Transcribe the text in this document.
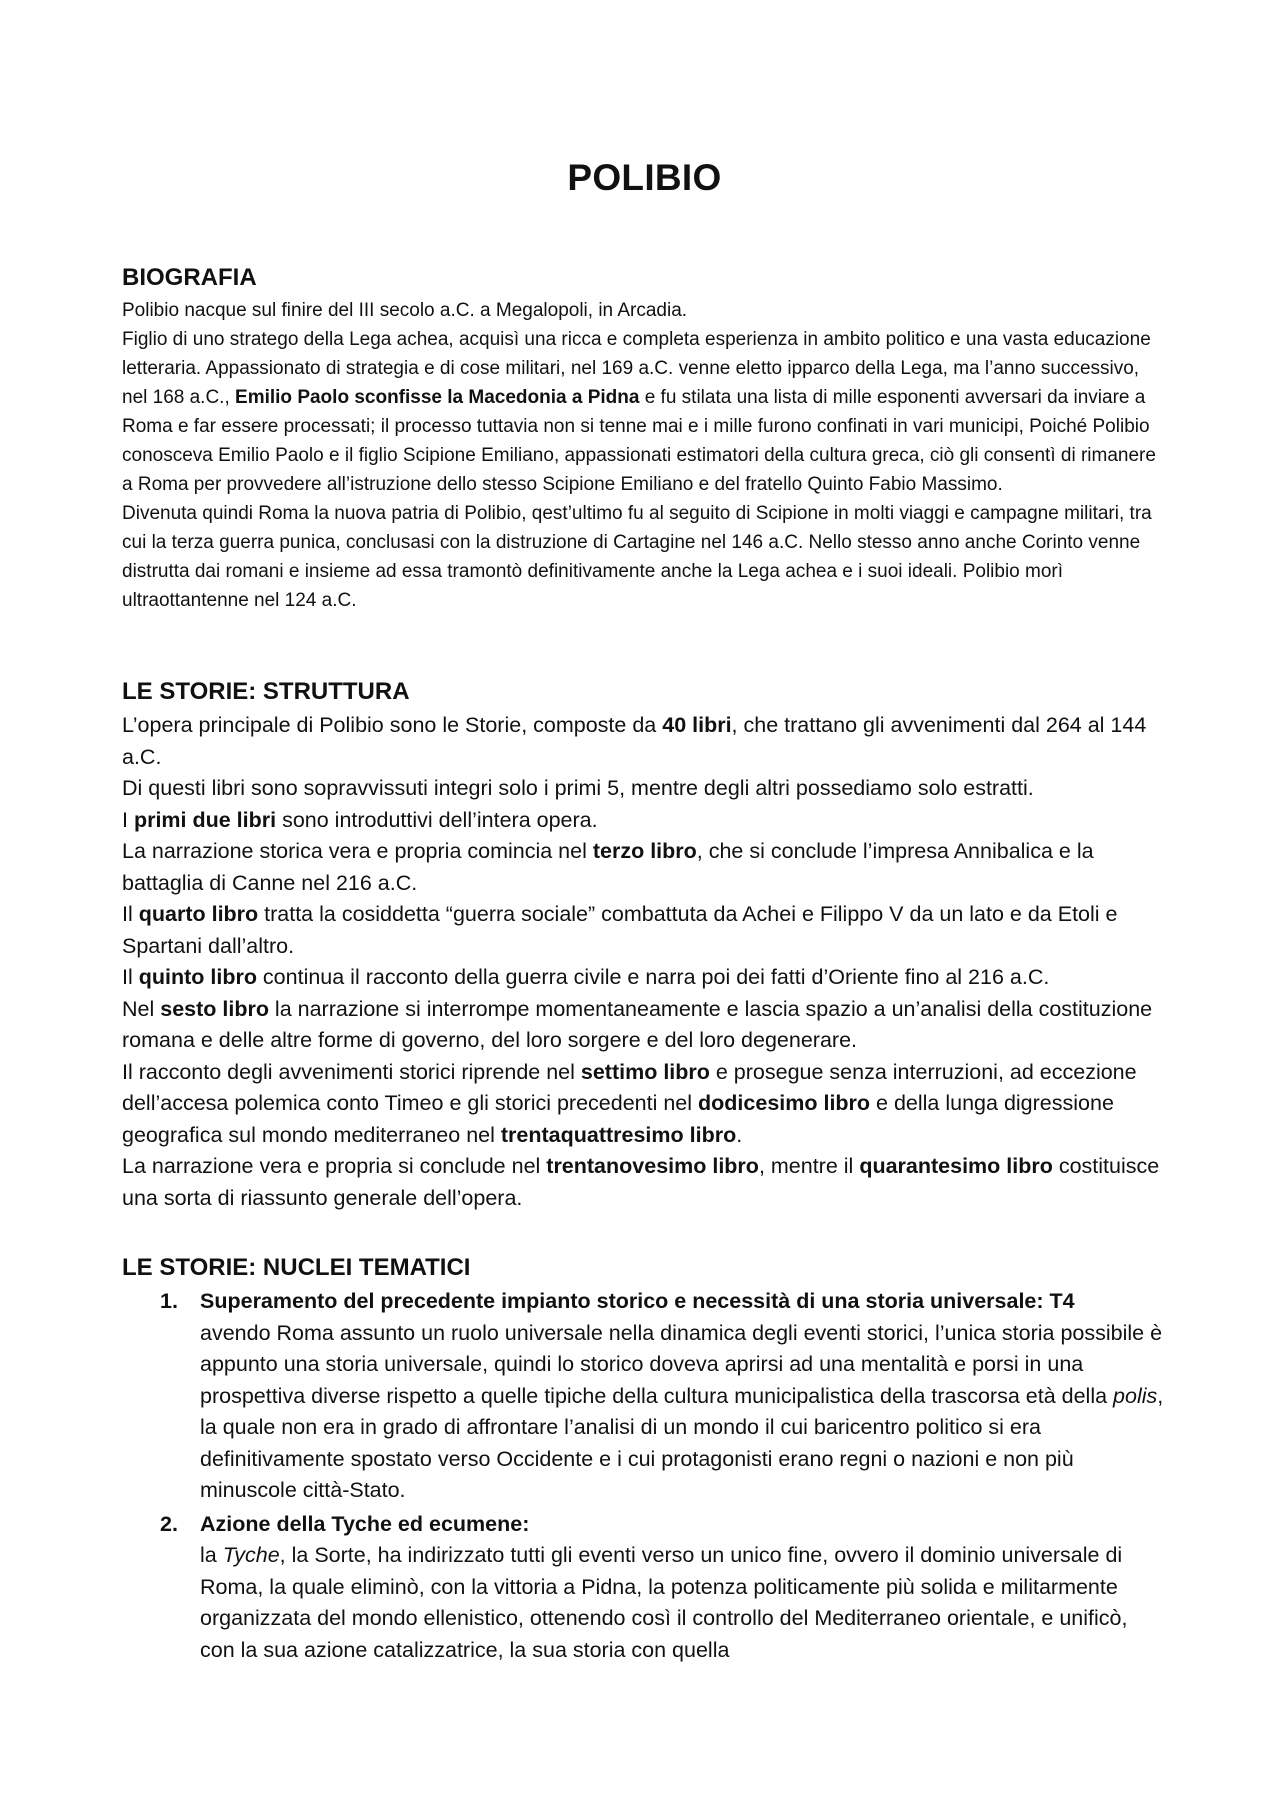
POLIBIO
BIOGRAFIA

Polibio nacque sul finire del III secolo a.C. a Megalopoli, in Arcadia.

Figlio di uno stratego della Lega achea, acquisì una ricca e completa esperienza in ambito politico e una vasta educazione letteraria. Appassionato di strategia e di cose militari, nel 169 a.C. venne eletto ipparco della Lega, ma l’anno successivo, nel 168 a.C., Emilio Paolo sconfisse la Macedonia a Pidna e fu stilata una lista di mille esponenti avversari da inviare a Roma e far essere processati; il processo tuttavia non si tenne mai e i mille furono confinati in vari municipi, Poiché Polibio conosceva Emilio Paolo e il figlio Scipione Emiliano, appassionati estimatori della cultura greca, ciò gli consentì di rimanere a Roma per provvedere all’istruzione dello stesso Scipione Emiliano e del fratello Quinto Fabio Massimo.

Divenuta quindi Roma la nuova patria di Polibio, qest’ultimo fu al seguito di Scipione in molti viaggi e campagne militari, tra cui la terza guerra punica, conclusasi con la distruzione di Cartagine nel 146 a.C. Nello stesso anno anche Corinto venne distrutta dai romani e insieme ad essa tramontò definitivamente anche la Lega achea e i suoi ideali. Polibio morì ultraottantenne nel 124 a.C.

LE STORIE: STRUTTURA

L’opera principale di Polibio sono le Storie, composte da 40 libri, che trattano gli avvenimenti dal 264 al 144 a.C.

Di questi libri sono sopravvissuti integri solo i primi 5, mentre degli altri possediamo solo estratti.

I primi due libri sono introduttivi dell’intera opera.

La narrazione storica vera e propria comincia nel terzo libro, che si conclude l’impresa Annibalica e la battaglia di Canne nel 216 a.C.

Il quarto libro tratta la cosiddetta “guerra sociale” combattuta da Achei e Filippo V da un lato e da Etoli e Spartani dall’altro.

Il quinto libro continua il racconto della guerra civile e narra poi dei fatti d’Oriente fino al 216 a.C.

Nel sesto libro la narrazione si interrompe momentaneamente e lascia spazio a un’analisi della costituzione romana e delle altre forme di governo, del loro sorgere e del loro degenerare.

Il racconto degli avvenimenti storici riprende nel settimo libro e prosegue senza interruzioni, ad eccezione dell’accesa polemica conto Timeo e gli storici precedenti nel dodicesimo libro e della lunga digressione geografica sul mondo mediterraneo nel trentaquattresimo libro.

La narrazione vera e propria si conclude nel trentanovesimo libro, mentre il quarantesimo libro costituisce una sorta di riassunto generale dell’opera.

LE STORIE: NUCLEI TEMATICI
1. Superamento del precedente impianto storico e necessità di una storia universale: T4
avendo Roma assunto un ruolo universale nella dinamica degli eventi storici, l’unica storia possibile è appunto una storia universale, quindi lo storico doveva aprirsi ad una mentalità e porsi in una prospettiva diverse rispetto a quelle tipiche della cultura municipalistica della trascorsa età della polis, la quale non era in grado di affrontare l’analisi di un mondo il cui baricentro politico si era definitivamente spostato verso Occidente e i cui protagonisti erano regni o nazioni e non più minuscole città-Stato.
2. Azione della Tyche ed ecumene:
la Tyche, la Sorte, ha indirizzato tutti gli eventi verso un unico fine, ovvero il dominio universale di Roma, la quale eliminò, con la vittoria a Pidna, la potenza politicamente più solida e militarmente organizzata del mondo ellenistico, ottenendo così il controllo del Mediterraneo orientale, e unificò, con la sua azione catalizzatrice, la sua storia con quella
